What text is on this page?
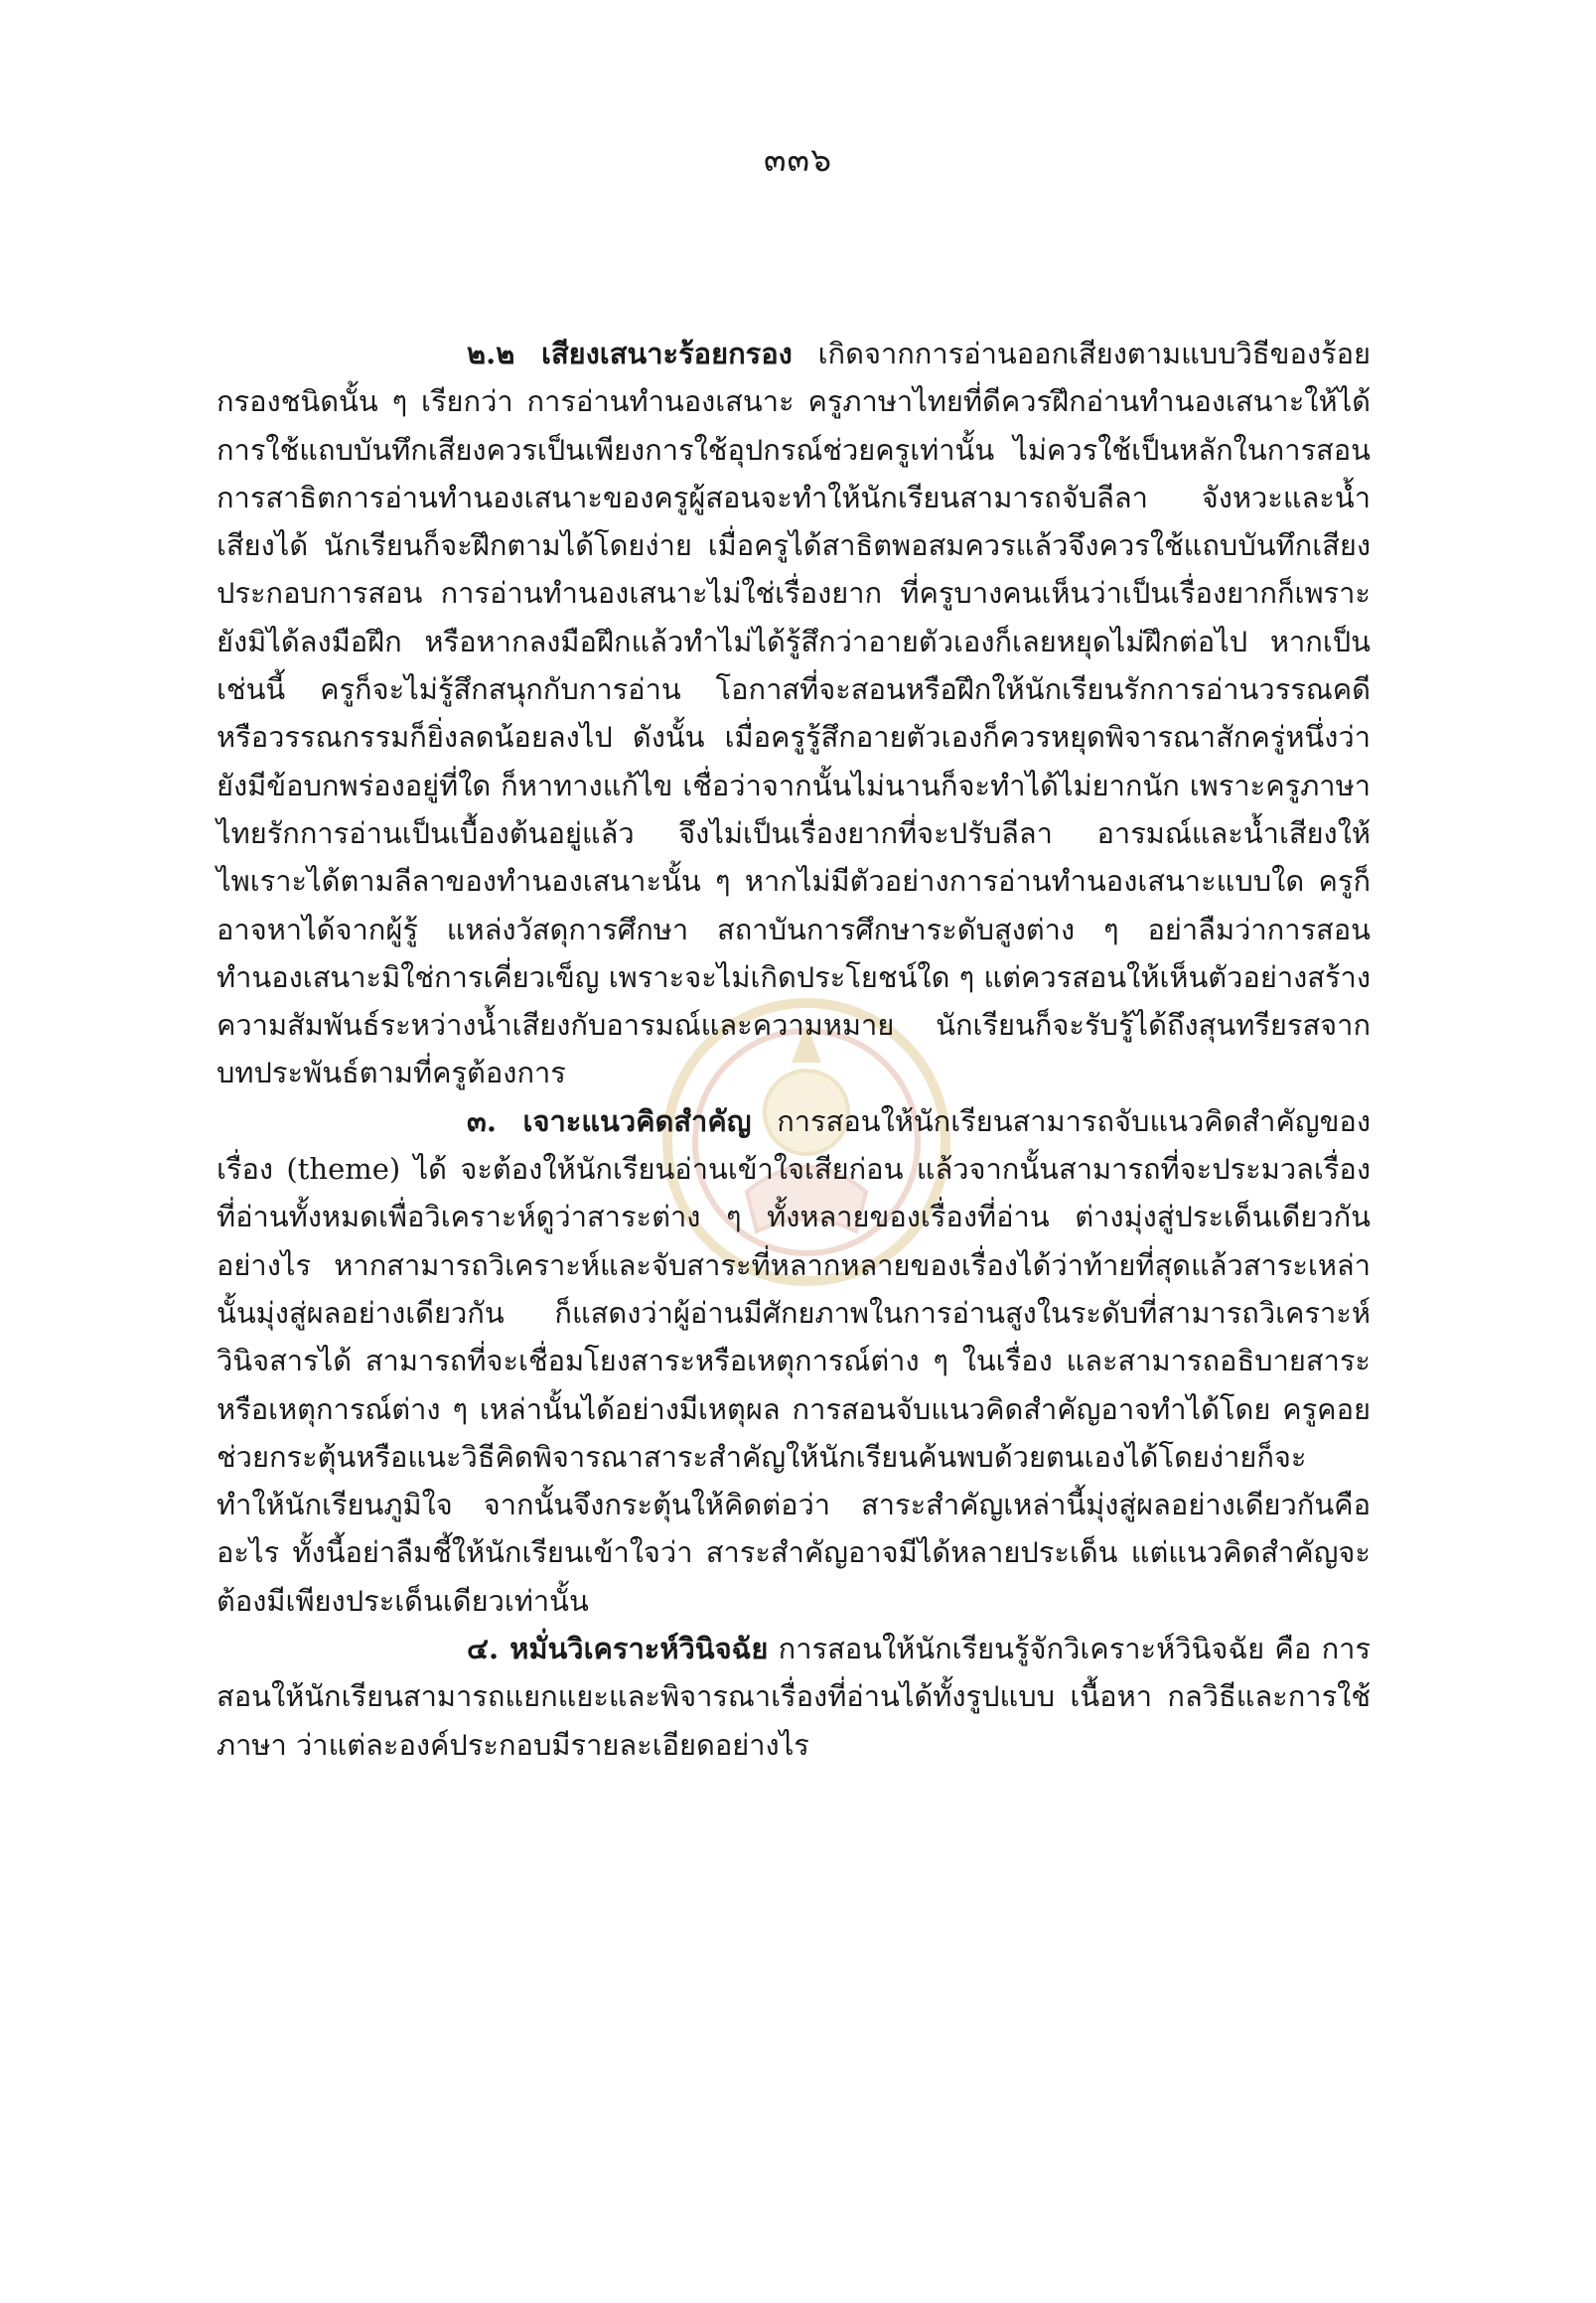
๓๓๖

๒.๒ เสียงเสนาะร้อยกรอง เกิดจากการอ่านออกเสียงตามแบบวิธีของร้อยกรองชนิดนั้น ๆ เรียกว่า การอ่านทำนองเสนาะ ครูภาษาไทยที่ดีควรฝึกอ่านทำนองเสนาะให้ได้ การใช้แถบบันทึกเสียงควรเป็นเพียงการใช้อุปกรณ์ช่วยครูเท่านั้น ไม่ควรใช้เป็นหลักในการสอน การสาธิตการอ่านทำนองเสนาะของครูผู้สอนจะทำให้นักเรียนสามารถจับลีลา จังหวะและน้ำเสียงได้ นักเรียนก็จะฝึกตามได้โดยง่าย เมื่อครูได้สาธิตพอสมควรแล้วจึงควรใช้แถบบันทึกเสียงประกอบการสอน การอ่านทำนองเสนาะไม่ใช่เรื่องยาก ที่ครูบางคนเห็นว่าเป็นเรื่องยากก็เพราะยังมิได้ลงมือฝึก หรือหากลงมือฝึกแล้วทำไม่ได้รู้สึกว่าอายตัวเองก็เลยหยุดไม่ฝึกต่อไป หากเป็นเช่นนี้ ครูก็จะไม่รู้สึกสนุกกับการอ่าน โอกาสที่จะสอนหรือฝึกให้นักเรียนรักการอ่านวรรณคดีหรือวรรณกรรมก็ยิ่งลดน้อยลงไป ดังนั้น เมื่อครูรู้สึกอายตัวเองก็ควรหยุดพิจารณาสักครู่หนึ่งว่ายังมีข้อบกพร่องอยู่ที่ใด ก็หาทางแก้ไข เชื่อว่าจากนั้นไม่นานก็จะทำได้ไม่ยากนัก เพราะครูภาษาไทยรักการอ่านเป็นเบื้องต้นอยู่แล้ว จึงไม่เป็นเรื่องยากที่จะปรับลีลา อารมณ์และน้ำเสียงให้ไพเราะได้ตามลีลาของทำนองเสนาะนั้น ๆ หากไม่มีตัวอย่างการอ่านทำนองเสนาะแบบใด ครูก็อาจหาได้จากผู้รู้ แหล่งวัสดุการศึกษา สถาบันการศึกษาระดับสูงต่าง ๆ อย่าลืมว่าการสอนทำนองเสนาะมิใช่การเคี่ยวเข็ญ เพราะจะไม่เกิดประโยชน์ใด ๆ แต่ควรสอนให้เห็นตัวอย่างสร้างความสัมพันธ์ระหว่างน้ำเสียงกับอารมณ์และความหมาย นักเรียนก็จะรับรู้ได้ถึงสุนทรียรสจากบทประพันธ์ตามที่ครูต้องการ

๓. เจาะแนวคิดสำคัญ การสอนให้นักเรียนสามารถจับแนวคิดสำคัญของเรื่อง (theme) ได้ จะต้องให้นักเรียนอ่านเข้าใจเสียก่อน แล้วจากนั้นสามารถที่จะประมวลเรื่องที่อ่านทั้งหมดเพื่อวิเคราะห์ดูว่าสาระต่าง ๆ ทั้งหลายของเรื่องที่อ่าน ต่างมุ่งสู่ประเด็นเดียวกันอย่างไร หากสามารถวิเคราะห์และจับสาระที่หลากหลายของเรื่องได้ว่าท้ายที่สุดแล้วสาระเหล่านั้นมุ่งสู่ผลอย่างเดียวกัน ก็แสดงว่าผู้อ่านมีศักยภาพในการอ่านสูงในระดับที่สามารถวิเคราะห์วินิจสารได้ สามารถที่จะเชื่อมโยงสาระหรือเหตุการณ์ต่าง ๆ ในเรื่อง และสามารถอธิบายสาระหรือเหตุการณ์ต่าง ๆ เหล่านั้นได้อย่างมีเหตุผล การสอนจับแนวคิดสำคัญอาจทำได้โดย ครูคอยช่วยกระตุ้นหรือแนะวิธีคิดพิจารณาสาระสำคัญให้นักเรียนค้นพบด้วยตนเองได้โดยง่ายก็จะทำให้นักเรียนภูมิใจ จากนั้นจึงกระตุ้นให้คิดต่อว่า สาระสำคัญเหล่านี้มุ่งสู่ผลอย่างเดียวกันคืออะไร ทั้งนี้อย่าลืมชี้ให้นักเรียนเข้าใจว่า สาระสำคัญอาจมีได้หลายประเด็น แต่แนวคิดสำคัญจะต้องมีเพียงประเด็นเดียวเท่านั้น

๔. หมั่นวิเคราะห์วินิจฉัย การสอนให้นักเรียนรู้จักวิเคราะห์วินิจฉัย คือ การสอนให้นักเรียนสามารถแยกแยะและพิจารณาเรื่องที่อ่านได้ทั้งรูปแบบ เนื้อหา กลวิธีและการใช้ภาษา ว่าแต่ละองค์ประกอบมีรายละเอียดอย่างไร
